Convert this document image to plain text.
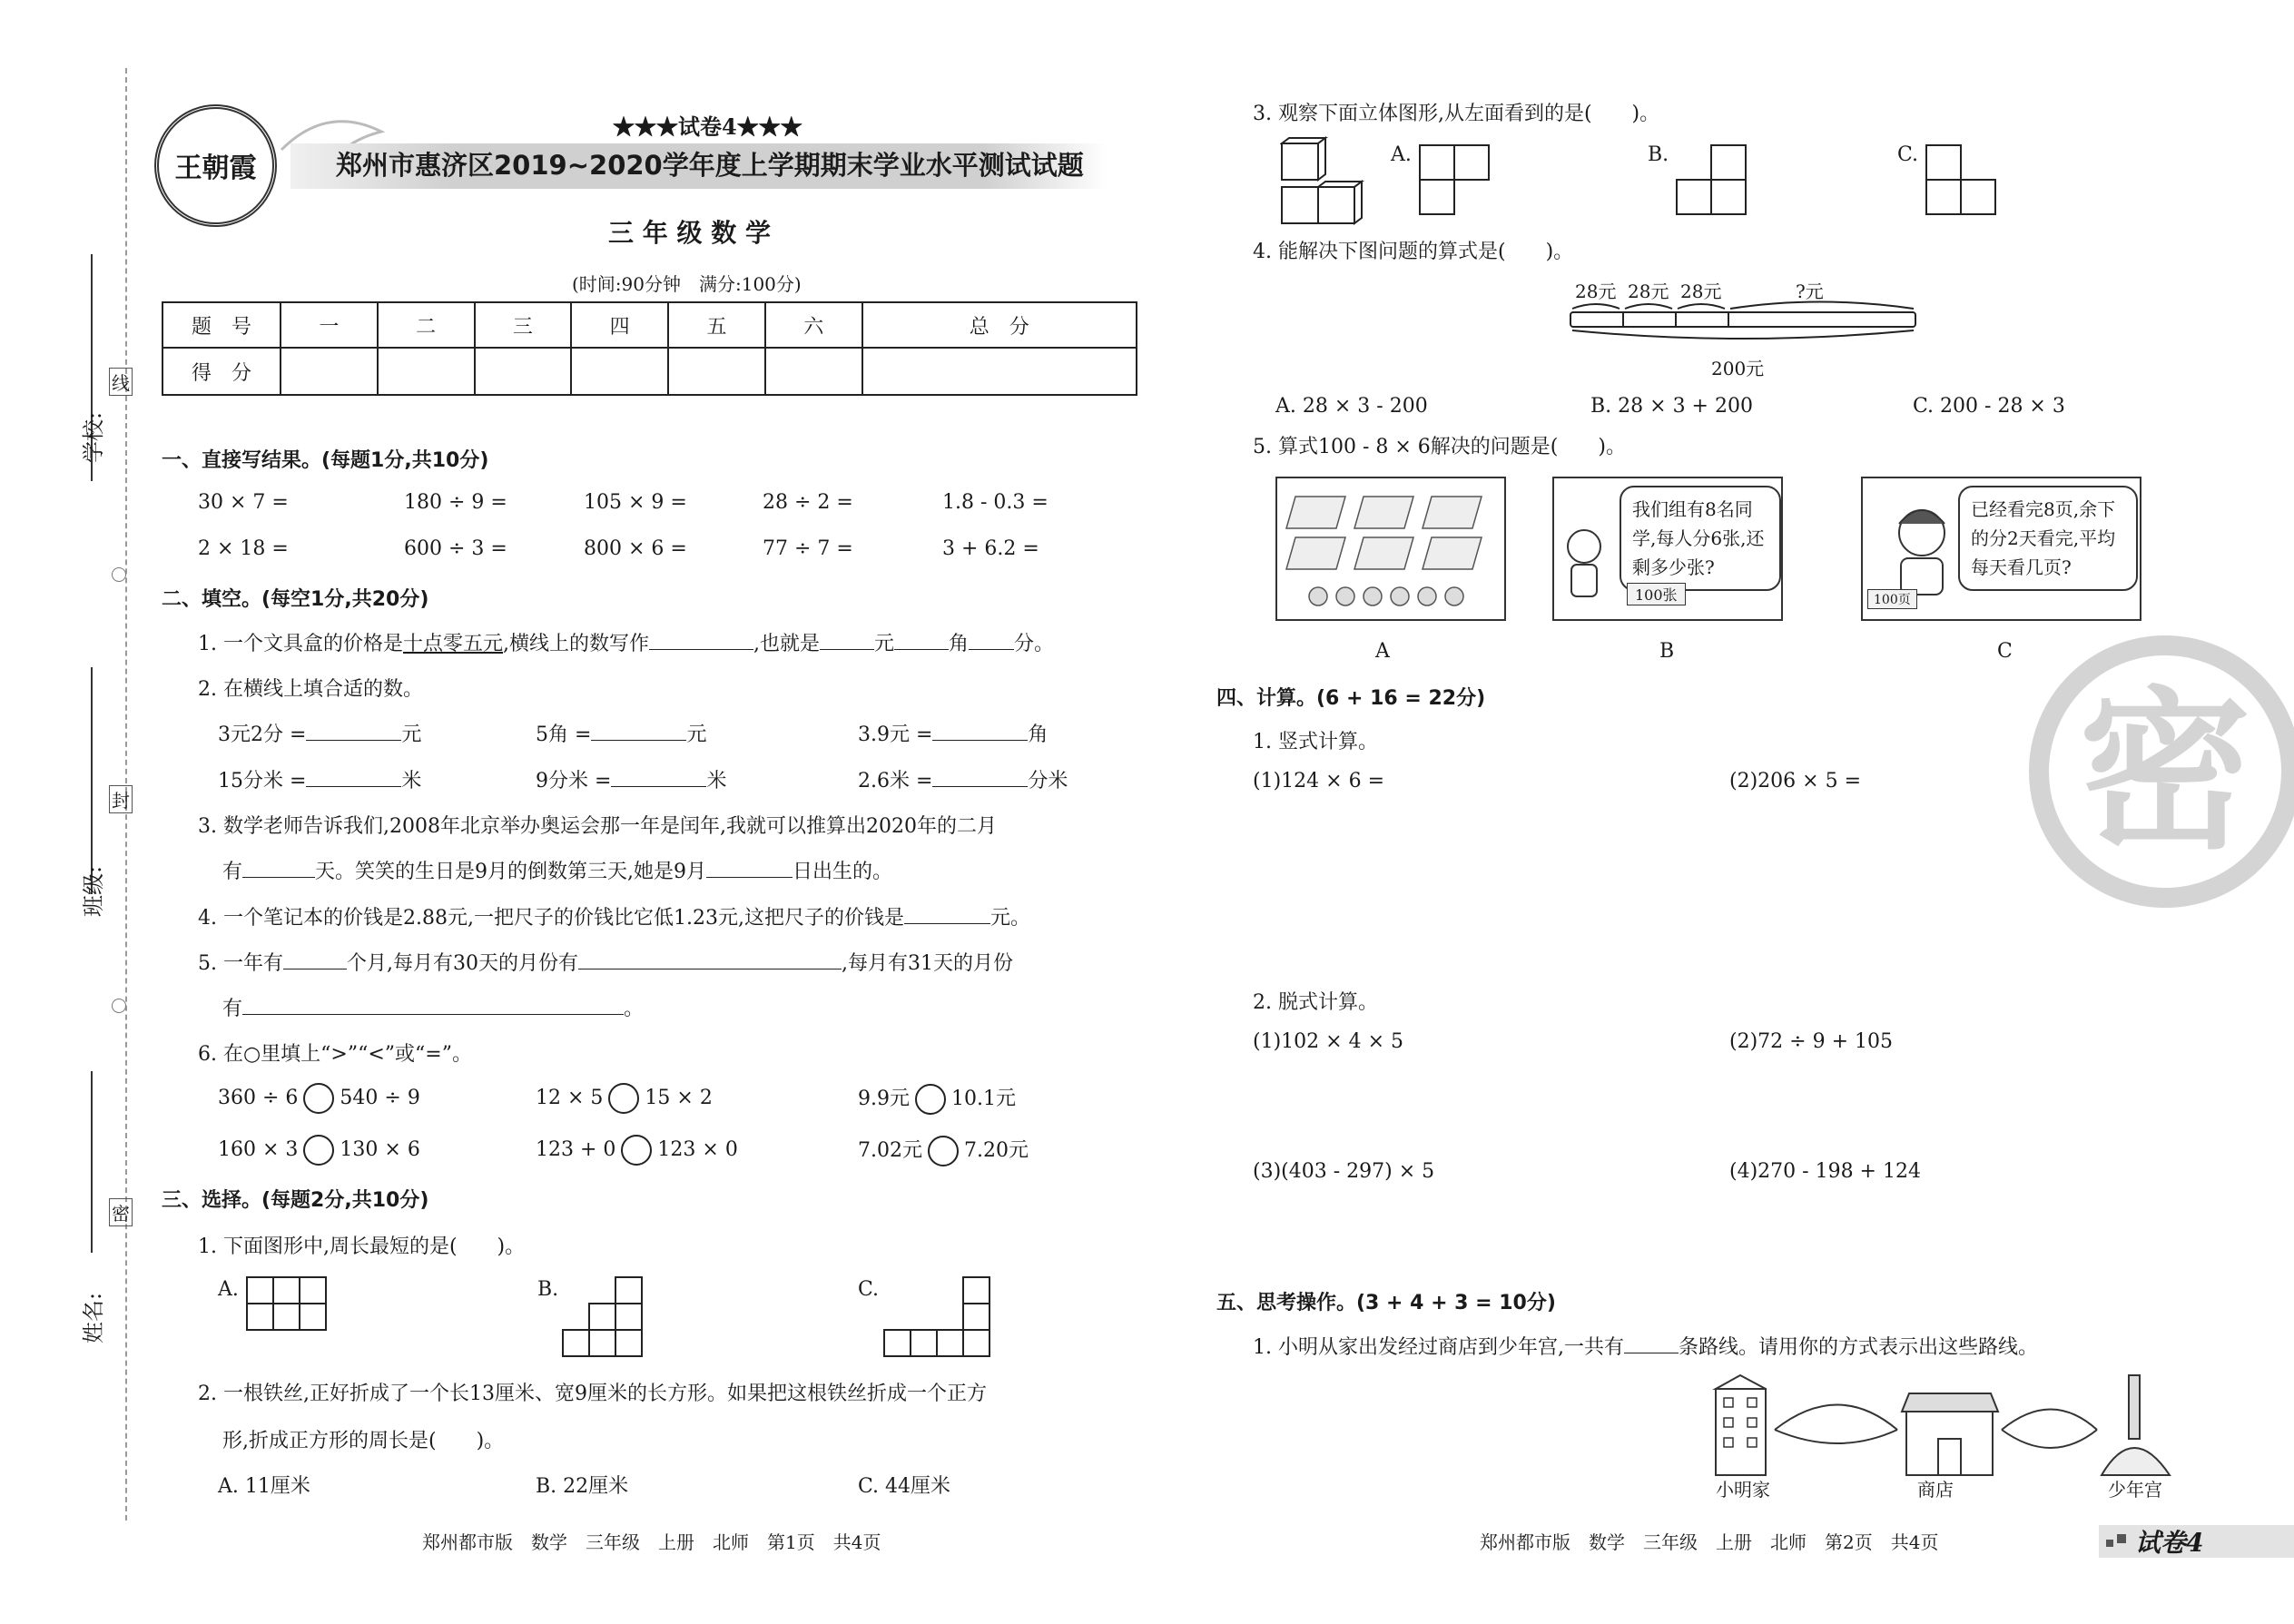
学校:
线
封
班级:
密
姓名:
王朝霞
★★★试卷4★★★
郑州市惠济区2019~2020学年度上学期期末学业水平测试试题
三 年 级 数 学
(时间:90分钟　满分:100分)
题　号	一	二	三	四	五	六	总　分
得　分							
一、直接写结果。(每题1分,共10分)
30 × 7 =	180 ÷ 9 =	105 × 9 =	28 ÷ 2 =	1.8 - 0.3 =
2 × 18 =	600 ÷ 3 =	800 × 6 =	77 ÷ 7 =	3 + 6.2 =
二、填空。(每空1分,共20分)
1. 一个文具盒的价格是十点零五元,横线上的数写作	,也就是	元	角 分。
2. 在横线上填合适的数。
3元2分 =	元	5角 =	元	3.9元 =	角
15分米 =	米	9分米 =	米	2.6米 =	分米
3. 数学老师告诉我们,2008年北京举办奥运会那一年是闰年,我就可以推算出2020年的二月
有	天。笑笑的生日是9月的倒数第三天,她是9月	日出生的。
4. 一个笔记本的价钱是2.88元,一把尺子的价钱比它低1.23元,这把尺子的价钱是	元。
5. 一年有	个月,每月有30天的月份有	,每月有31天的月份
有	。
6. 在○里填上“>”“<”或“=”。
360 ÷ 6 540 ÷ 9	12 × 5 15 × 2	9.9元 10.1元
160 × 3 130 × 6	123 + 0 123 × 0	7.02元 7.20元
三、选择。(每题2分,共10分)
1. 下面图形中,周长最短的是(　　)。
A.	B.	C.
2. 一根铁丝,正好折成了一个长13厘米、宽9厘米的长方形。如果把这根铁丝折成一个正方
形,折成正方形的周长是(　　)。
A. 11厘米	B. 22厘米	C. 44厘米
郑州都市版　数学　三年级　上册　北师　第1页　共4页
3. 观察下面立体图形,从左面看到的是(　　)。
A.	B.	C.
4. 能解决下图问题的算式是(　　)。
28元 28元 28元	?元
200元
A. 28 × 3 - 200	B. 28 × 3 + 200	C. 200 - 28 × 3
5. 算式100 - 8 × 6解决的问题是(　　)。
我们组有8名同学,每人分6张,还剩多少张?
100张	100页
已经看完8页,余下的分2天看完,平均每天看几页?
A	B	C
四、计算。(6 + 16 = 22分)
1. 竖式计算。
(1)124 × 6 =	(2)206 × 5 =
2. 脱式计算。
(1)102 × 4 × 5	(2)72 ÷ 9 + 105
(3)(403 - 297) × 5	(4)270 - 198 + 124
密
五、思考操作。(3 + 4 + 3 = 10分)
1. 小明从家出发经过商店到少年宫,一共有	条路线。请用你的方式表示出这些路线。
小明家	商店	少年宫
郑州都市版　数学　三年级　上册　北师　第2页　共4页	试卷4
